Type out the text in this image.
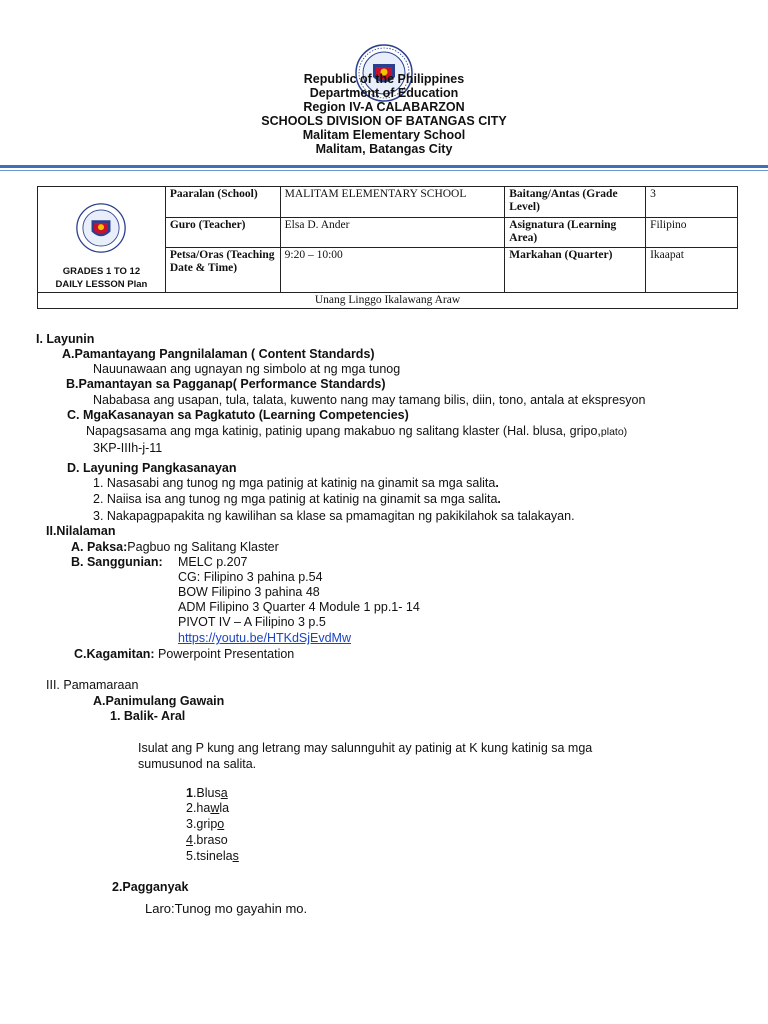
Republic of the Philippines
Department of Education
Region IV-A CALABARZON
SCHOOLS DIVISION OF BATANGAS CITY
Malitam Elementary School
Malitam, Batangas City
GRADES 1 TO 12
DAILY LESSON Plan	Paaralan (School)	MALITAM ELEMENTARY SCHOOL	Baitang/Antas (Grade Level)	3
	Guro (Teacher)	Elsa D. Ander	Asignatura (Learning Area)	Filipino
	Petsa/Oras (Teaching Date & Time)	9:20 – 10:00	Markahan (Quarter)	Ikaapat
Unang Linggo Ikalawang Araw				
I. Layunin
A.Pamantayang Pangnilalaman ( Content Standards)
Nauunawaan ang ugnayan ng simbolo at ng mga tunog
B.Pamantayan sa Pagganap( Performance Standards)
Nababasa ang usapan, tula, talata, kuwento nang may tamang bilis, diin, tono, antala at ekspresyon
C. MgaKasanayan sa Pagkatuto (Learning Competencies)
Napagsasama ang mga katinig, patinig upang makabuo ng salitang klaster (Hal. blusa, gripo,plato)
3KP-IIIh-j-11
D. Layuning Pangkasanayan
1. Nasasabi ang tunog ng mga patinig at katinig na ginamit sa mga salita.
2. Naiisa isa ang tunog ng mga patinig at katinig na ginamit sa mga salita.
3. Nakapagpapakita ng kawilihan sa klase sa pmamagitan ng pakikilahok sa talakayan.
II.Nilalaman
A. Paksa:Pagbuo ng Salitang Klaster
B. Sanggunian: MELC p.207
CG: Filipino 3 pahina p.54
BOW Filipino 3 pahina 48
ADM Filipino 3 Quarter 4 Module 1 pp.1- 14
PIVOT IV – A Filipino 3 p.5
https://youtu.be/HTKdSjEvdMw
C.Kagamitan: Powerpoint Presentation
III. Pamamaraan
A.Panimulang Gawain
1. Balik- Aral
Isulat ang P kung ang letrang may salunnguhit ay patinig at K kung katinig sa mga
sumusunod na salita.
1.Blusa
2.hawla
3.gripo
4.braso
5.tsinelas
2.Pagganyak
Laro:Tunog mo gayahin mo.
